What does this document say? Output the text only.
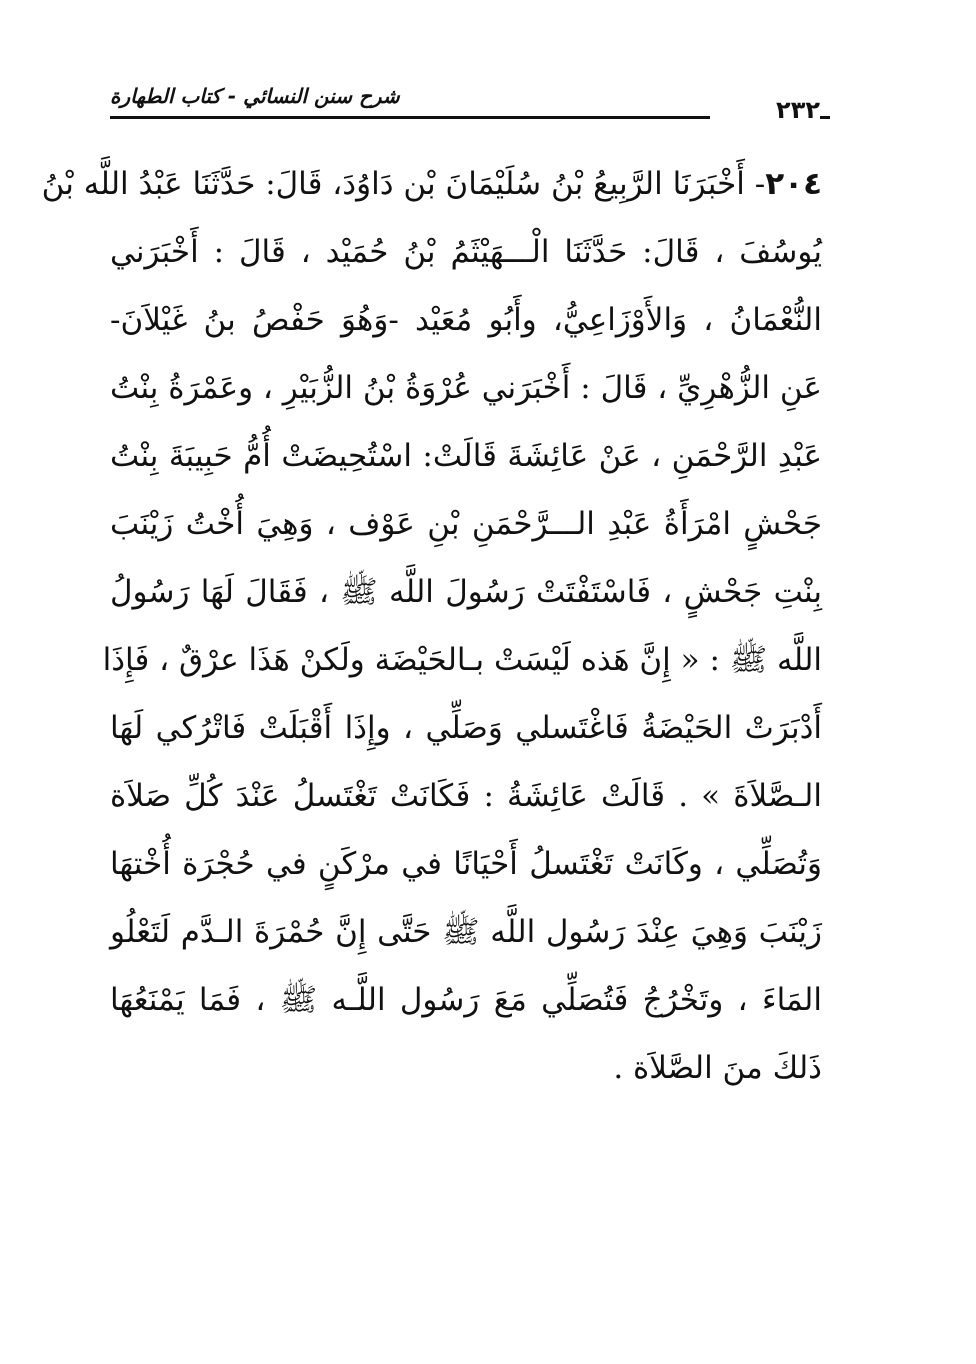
٢٣٢
شرح سنن النسائي - كتاب الطهارة
٢٠٤- أَخْبَرَنَا الرَّبِيعُ بْنُ سُلَيْمَانَ بْن دَاوُدَ، قَالَ: حَدَّثَنَا عَبْدُ اللَّه بْنُ
يُوسُفَ ، قَالَ: حَدَّثَنَا الْـــهَيْثَمُ بْنُ حُمَيْد ، قَالَ : أَخْبَرَني
النُّعْمَانُ ، وَالأَوْزَاعِيُّ، وأَبُو مُعَيْد -وَهُوَ حَفْصُ بنُ غَيْلاَنَ-
عَنِ الزُّهْرِيِّ ، قَالَ : أَخْبَرَني عُرْوَةُ بْنُ الزُّبَيْرِ ، وعَمْرَةُ بِنْتُ
عَبْدِ الرَّحْمَنِ ، عَنْ عَائِشَةَ قَالَتْ: اسْتُحِيضَتْ أُمُّ حَبِيبَةَ بِنْتُ
جَحْشٍ امْرَأَةُ عَبْدِ الـــرَّحْمَنِ بْنِ عَوْف ، وَهِيَ أُخْتُ زَيْنَبَ
بِنْتِ جَحْشٍ ، فَاسْتَفْتَتْ رَسُولَ اللَّه ﷺ ، فَقَالَ لَهَا رَسُولُ
اللَّه ﷺ : « إِنَّ هَذه لَيْسَتْ بـالحَيْضَة ولَكنْ هَذَا عرْقٌ ، فَإِذَا
أَدْبَرَتْ الحَيْضَةُ فَاغْتَسلي وَصَلِّي ، وإِذَا أَقْبَلَتْ فَاتْرُكي لَهَا
الـصَّلاَةَ » . قَالَتْ عَائِشَةُ : فَكَانَتْ تَغْتَسلُ عَنْدَ كُلِّ صَلاَة
وَتُصَلِّي ، وكَانَتْ تَغْتَسلُ أَحْيَانًا في مرْكَنٍ في حُجْرَة أُخْتهَا
زَيْنَبَ وَهِيَ عِنْدَ رَسُول اللَّه ﷺ حَتَّى إِنَّ حُمْرَةَ الـدَّم لَتَعْلُو
المَاءَ ، وتَخْرُجُ فَتُصَلِّي مَعَ رَسُول اللَّـه ﷺ ، فَمَا يَمْنَعُهَا
ذَلكَ منَ الصَّلاَة .
